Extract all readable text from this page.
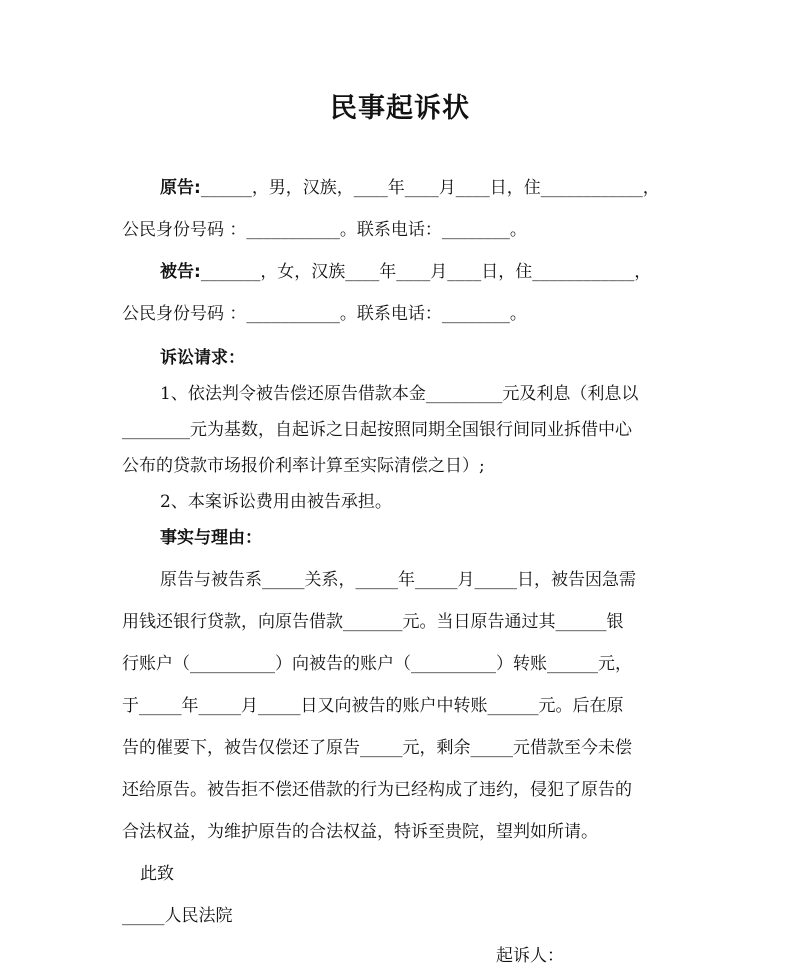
民事起诉状
原告:______，男，汉族，____年____月____日，住____________，
公民身份号码 ：___________。联系电话：________。
被告:_______，女，汉族____年____月____日，住____________，
公民身份号码 ：___________。联系电话：________。
诉讼请求：
1、依法判令被告偿还原告借款本金_________元及利息（利息以
________元为基数，自起诉之日起按照同期全国银行间同业拆借中心
公布的贷款市场报价利率计算至实际清偿之日）;
2、本案诉讼费用由被告承担。
事实与理由：
原告与被告系_____关系，_____年_____月_____日，被告因急需
用钱还银行贷款，向原告借款_______元。当日原告通过其______银
行账户（__________）向被告的账户（__________）转账______元，
于_____年_____月_____日又向被告的账户中转账______元。后在原
告的催要下，被告仅偿还了原告_____元，剩余_____元借款至今未偿
还给原告。被告拒不偿还借款的行为已经构成了违约，侵犯了原告的
合法权益，为维护原告的合法权益，特诉至贵院，望判如所请。
此致
_____人民法院
起诉人：
